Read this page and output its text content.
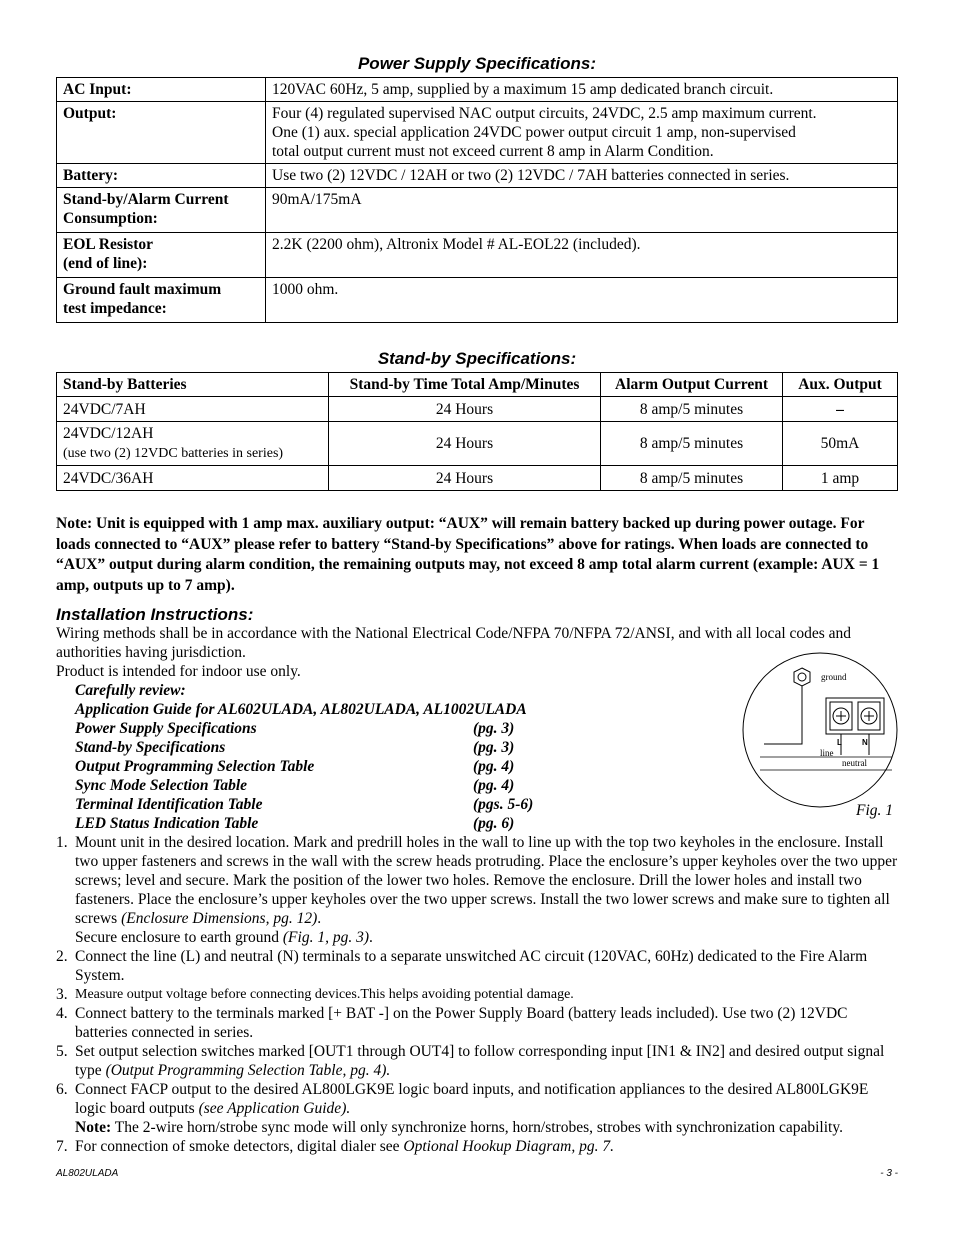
Power Supply Specifications:
AC Input:	120VAC 60Hz, 5 amp, supplied by a maximum 15 amp dedicated branch circuit.
Output:	Four (4) regulated supervised NAC output circuits, 24VDC, 2.5 amp maximum current.
One (1) aux. special application 24VDC power output circuit 1 amp, non-supervised
total output current must not exceed current 8 amp in Alarm Condition.
Battery:	Use two (2) 12VDC / 12AH or two (2) 12VDC / 7AH batteries connected in series.
Stand-by/Alarm Current
Consumption:	90mA/175mA
EOL Resistor
(end of line):	2.2K (2200 ohm), Altronix Model # AL-EOL22 (included).
Ground fault maximum
test impedance:	1000 ohm.
Stand-by Specifications:
Stand-by Batteries	Stand-by Time Total Amp/Minutes	Alarm Output Current	Aux. Output
24VDC/7AH	24 Hours	8 amp/5 minutes	–
24VDC/12AH
(use two (2) 12VDC batteries in series)	24 Hours	8 amp/5 minutes	50mA
24VDC/36AH	24 Hours	8 amp/5 minutes	1 amp
Note: Unit is equipped with 1 amp max. auxiliary output: “AUX” will remain battery backed up during power outage. For loads connected to “AUX” please refer to battery “Stand-by Specifications” above for ratings. When loads are connected to “AUX” output during alarm condition, the remaining outputs may, not exceed 8 amp total alarm current (example: AUX = 1 amp, outputs up to 7 amp).
Installation Instructions:

Wiring methods shall be in accordance with the National Electrical Code/NFPA 70/NFPA 72/ANSI, and with all local codes and authorities having jurisdiction.

Product is intended for indoor use only.

Carefully review:
Application Guide for AL602ULADA, AL802ULADA, AL1002ULADA
Power Supply Specifications	(pg. 3)
Stand-by Specifications	(pg. 3)
Output Programming Selection Table	(pg. 4)
Sync Mode Selection Table	(pg. 4)
Terminal Identification Table	(pgs. 5-6)
LED Status Indication Table	(pg. 6)
1. Mount unit in the desired location. Mark and predrill holes in the wall to line up with the top two keyholes in the enclosure. Install two upper fasteners and screws in the wall with the screw heads protruding. Place the enclosure’s upper keyholes over the two upper screws; level and secure. Mark the position of the lower two holes. Remove the enclosure. Drill the lower holes and install two fasteners. Place the enclosure’s upper keyholes over the two upper screws. Install the two lower screws and make sure to tighten all screws (Enclosure Dimensions, pg. 12).
Secure enclosure to earth ground (Fig. 1, pg. 3).
2. Connect the line (L) and neutral (N) terminals to a separate unswitched AC circuit (120VAC, 60Hz) dedicated to the Fire Alarm System.
3. Measure output voltage before connecting devices.This helps avoiding potential damage.
4. Connect battery to the terminals marked [+ BAT -] on the Power Supply Board (battery leads included). Use two (2) 12VDC batteries connected in series.
5. Set output selection switches marked [OUT1 through OUT4] to follow corresponding input [IN1 & IN2] and desired output signal type (Output Programming Selection Table, pg. 4).
6. Connect FACP output to the desired AL800LGK9E logic board inputs, and notification appliances to the desired AL800LGK9E logic board outputs (see Application Guide).
Note: The 2-wire horn/strobe sync mode will only synchronize horns, horn/strobes, strobes with synchronization capability.
7. For connection of smoke detectors, digital dialer see Optional Hookup Diagram, pg. 7.
ground
line
neutral
L	N
Fig. 1
AL802ULADA	- 3 -
